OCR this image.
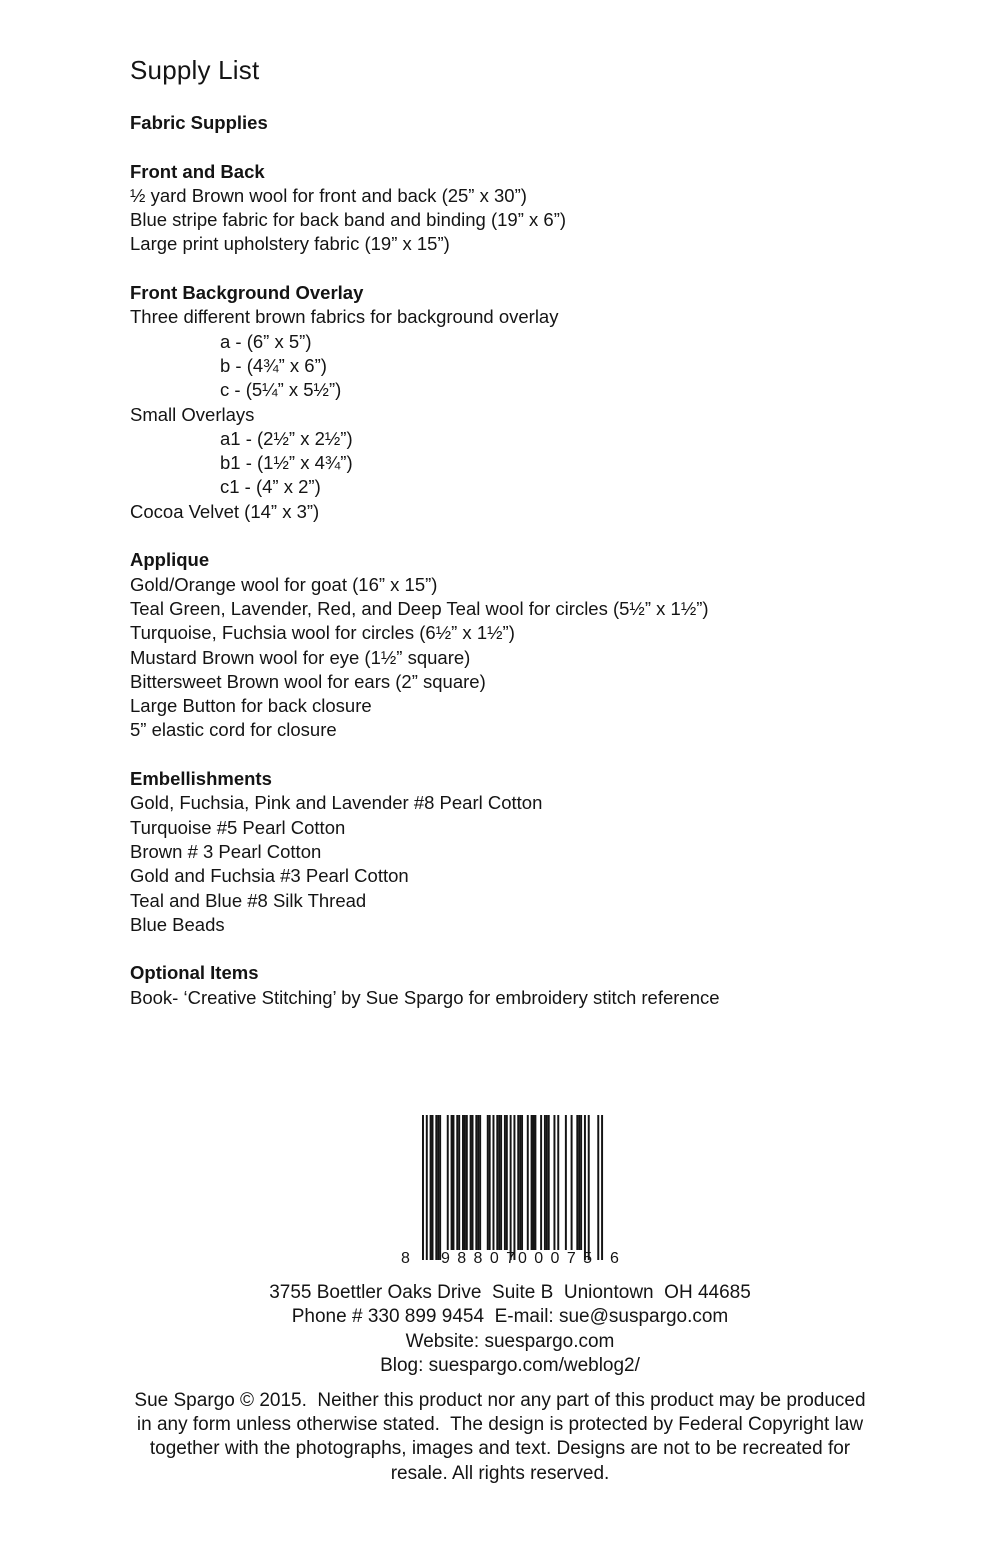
Supply List
Fabric Supplies
Front and Back
½ yard Brown wool for front and back (25” x 30”)
Blue stripe fabric for back band and binding (19” x 6”)
Large print upholstery fabric (19” x 15”)
Front Background Overlay
Three different brown fabrics for background overlay
a - (6” x 5”)
b - (4¾” x 6”)
c - (5¼” x 5½”)
Small Overlays
a1 - (2½” x 2½”)
b1 - (1½” x 4¾”)
c1 - (4” x 2”)
Cocoa Velvet (14” x 3”)
Applique
Gold/Orange wool for goat (16” x 15”)
Teal Green, Lavender, Red, and Deep Teal wool for circles (5½” x 1½”)
Turquoise, Fuchsia wool for circles (6½” x 1½”)
Mustard Brown wool for eye (1½” square)
Bittersweet Brown wool for ears (2” square)
Large Button for back closure
5” elastic cord for closure
Embellishments
Gold, Fuchsia, Pink and Lavender #8 Pearl Cotton
Turquoise #5 Pearl Cotton
Brown # 3 Pearl Cotton
Gold and Fuchsia #3 Pearl Cotton
Teal and Blue #8 Silk Thread
Blue Beads
Optional Items
Book- ‘Creative Stitching’ by Sue Spargo for embroidery stitch reference
8 98807 00075 6
3755 Boettler Oaks Drive  Suite B  Uniontown  OH 44685
Phone # 330 899 9454  E-mail: sue@suspargo.com
Website: suespargo.com
Blog: suespargo.com/weblog2/
Sue Spargo © 2015.  Neither this product nor any part of this product may be produced
in any form unless otherwise stated.  The design is protected by Federal Copyright law
together with the photographs, images and text. Designs are not to be recreated for
resale. All rights reserved.
